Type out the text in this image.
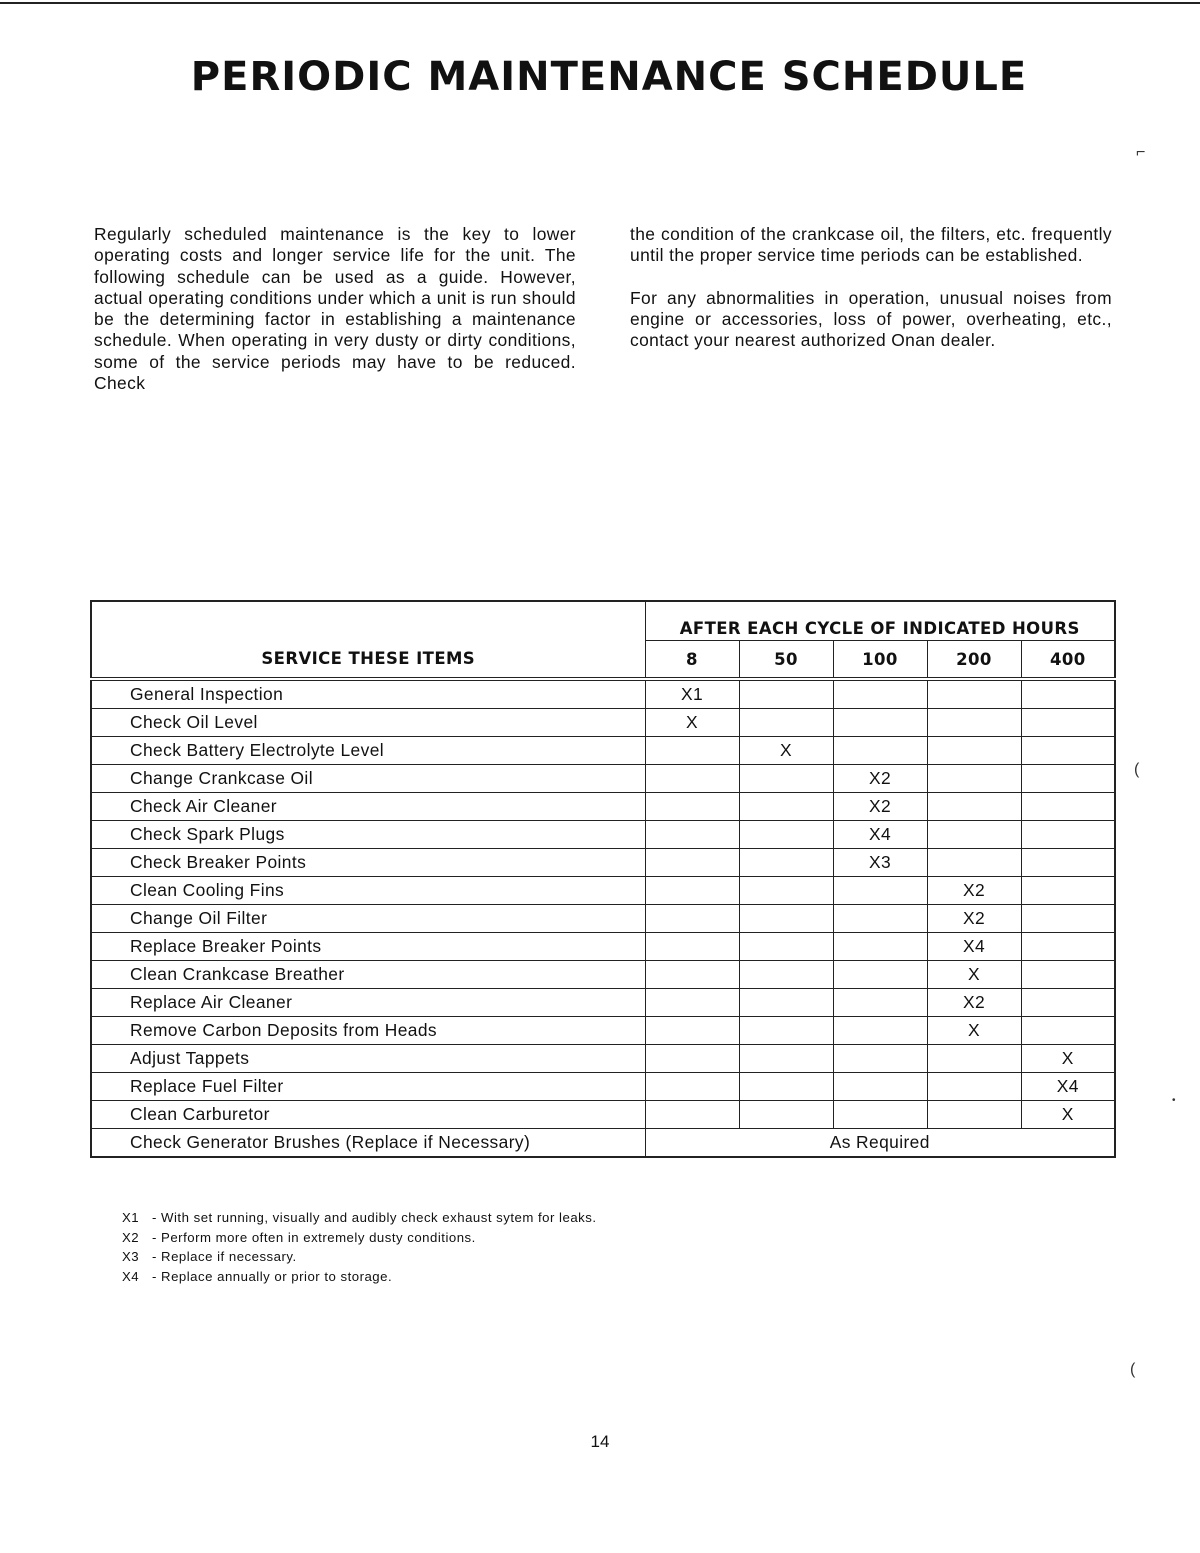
PERIODIC MAINTENANCE SCHEDULE

Regularly scheduled maintenance is the key to lower operating costs and longer service life for the unit. The following schedule can be used as a guide. However, actual operating conditions under which a unit is run should be the determining factor in establishing a maintenance schedule. When operating in very dusty or dirty conditions, some of the service periods may have to be reduced. Check

the condition of the crankcase oil, the filters, etc. frequently until the proper service time periods can be established.

For any abnormalities in operation, unusual noises from engine or accessories, loss of power, overheating, etc., contact your nearest authorized Onan dealer.

	AFTER EACH CYCLE OF INDICATED HOURS				
SERVICE THESE ITEMS	8	50	100	200	400
General Inspection	X1				
Check Oil Level	X				
Check Battery Electrolyte Level		X			
Change Crankcase Oil			X2		
Check Air Cleaner			X2		
Check Spark Plugs			X4		
Check Breaker Points			X3		
Clean Cooling Fins				X2	
Change Oil Filter				X2	
Replace Breaker Points				X4	
Clean Crankcase Breather				X	
Replace Air Cleaner				X2	
Remove Carbon Deposits from Heads				X	
Adjust Tappets					X
Replace Fuel Filter					X4
Clean Carburetor					X
Check Generator Brushes (Replace if Necessary)	As Required				
X1 - With set running, visually and audibly check exhaust sytem for leaks.
X2 - Perform more often in extremely dusty conditions.
X3 - Replace if necessary.
X4 - Replace annually or prior to storage.
14
⌐
(
(
•
